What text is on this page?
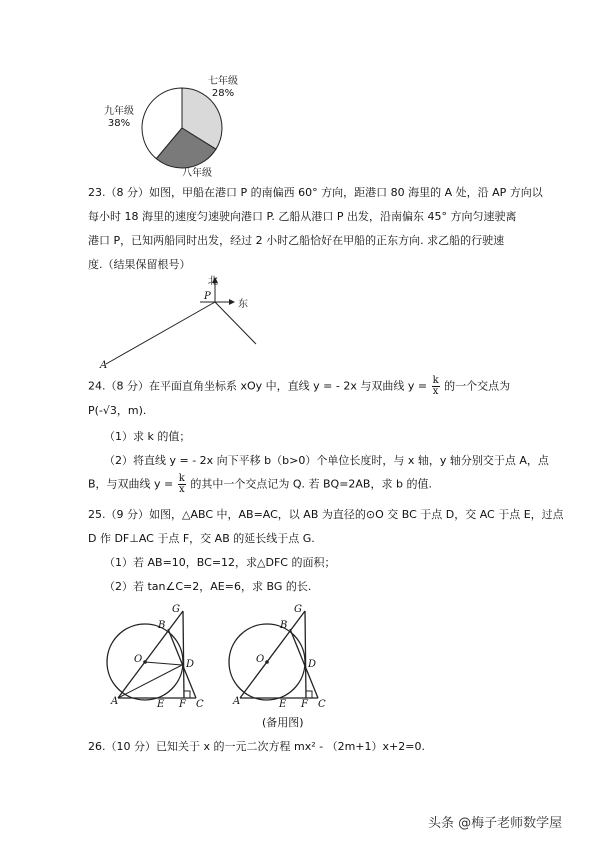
七年级
28%
九年级
38%
八年级
23.（8 分）如图，甲船在港口 P 的南偏西 60° 方向，距港口 80 海里的 A 处，沿 AP 方向以
每小时 18 海里的速度匀速驶向港口 P. 乙船从港口 P 出发，沿南偏东 45° 方向匀速驶离
港口 P，已知两船同时出发，经过 2 小时乙船恰好在甲船的正东方向. 求乙船的行驶速
度.（结果保留根号）
北
东
P
A
24.（8 分）在平面直角坐标系 xOy 中，直线 y = - 2x 与双曲线 $y = \frac{k}{x}$ 的一个交点为
P(-√3，m).
（1）求 k 的值；
（2）将直线 y = - 2x 向下平移 b（b>0）个单位长度时，与 x 轴，y 轴分别交于点 A，点
B，与双曲线 $y = \frac{k}{x}$ 的其中一个交点记为 Q. 若 BQ=2AB，求 b 的值.
25.（9 分）如图，△ABC 中，AB=AC，以 AB 为直径的⊙O 交 BC 于点 D，交 AC 于点 E，过点
D 作 DF⊥AC 于点 F，交 AB 的延长线于点 G.
（1）若 AB=10，BC=12，求△DFC 的面积；
（2）若 tan∠C=2，AE=6，求 BG 的长.
G
B
O	D
A	E F C
G
B
O	D
A	E F C
(备用图)
26.（10 分）已知关于 x 的一元二次方程 mx² - （2m+1）x+2=0.
头条 @梅子老师数学屋
